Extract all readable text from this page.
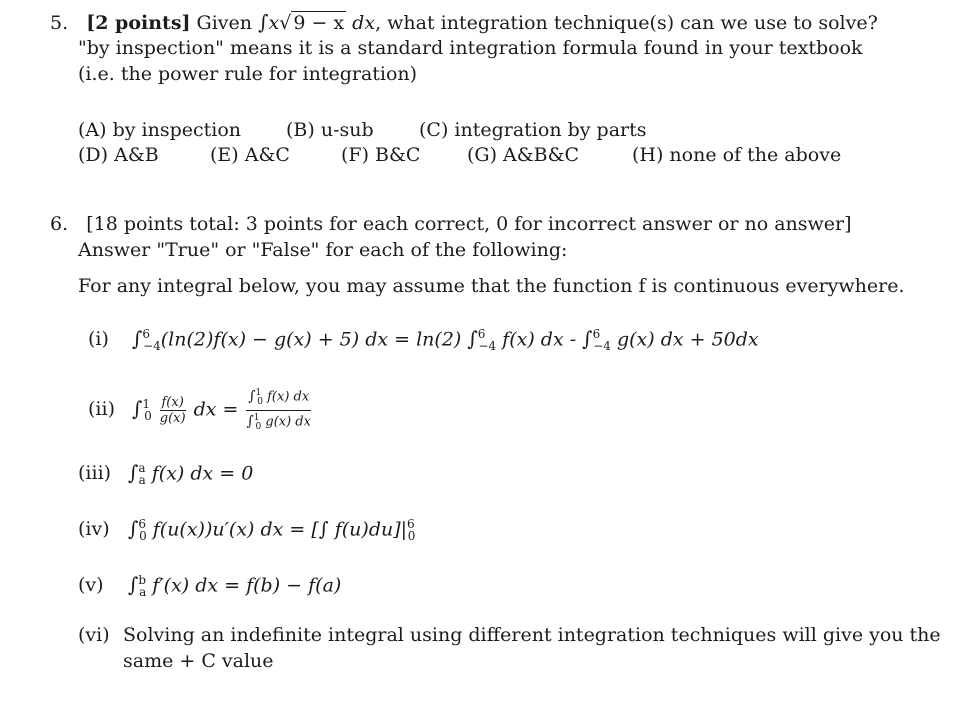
5. [2 points] Given ∫x√ 9 − x dx, what integration technique(s) can we use to solve?
"by inspection" means it is a standard integration formula found in your textbook
(i.e. the power rule for integration)
(A) by inspection (B) u-sub (C) integration by parts
(D) A&B	(E) A&C	(F) B&C (G) A&B&C	(H) none of the above
6. [18 points total: 3 points for each correct, 0 for incorrect answer or no answer]
Answer "True" or "False" for each of the following:
For any integral below, you may assume that the function f is continuous everywhere.
(i) ∫$^6_{-4}$(ln(2)f(x) − g(x) + 5) dx = ln(2) ∫$^6_{-4}$ f(x) dx - ∫$^6_{-4}$ g(x) dx + 50dx
(ii) $\int^1_0 \frac{f(x)}{g(x)}$ dx = $\frac{\int^1_0 f(x) dx}{\int^1_0 g(x) dx}$
(iii) ∫$^a_a$ f(x) dx = 0
(iv) ∫$^6_0$ f(u(x))u′(x) dx = [∫ $f(u)du]|^6_0$
(v) ∫$^b_a$ f′(x) dx = f(b) − f(a)
(vi) Solving an indefinite integral using different integration techniques will give you the
same + C value
